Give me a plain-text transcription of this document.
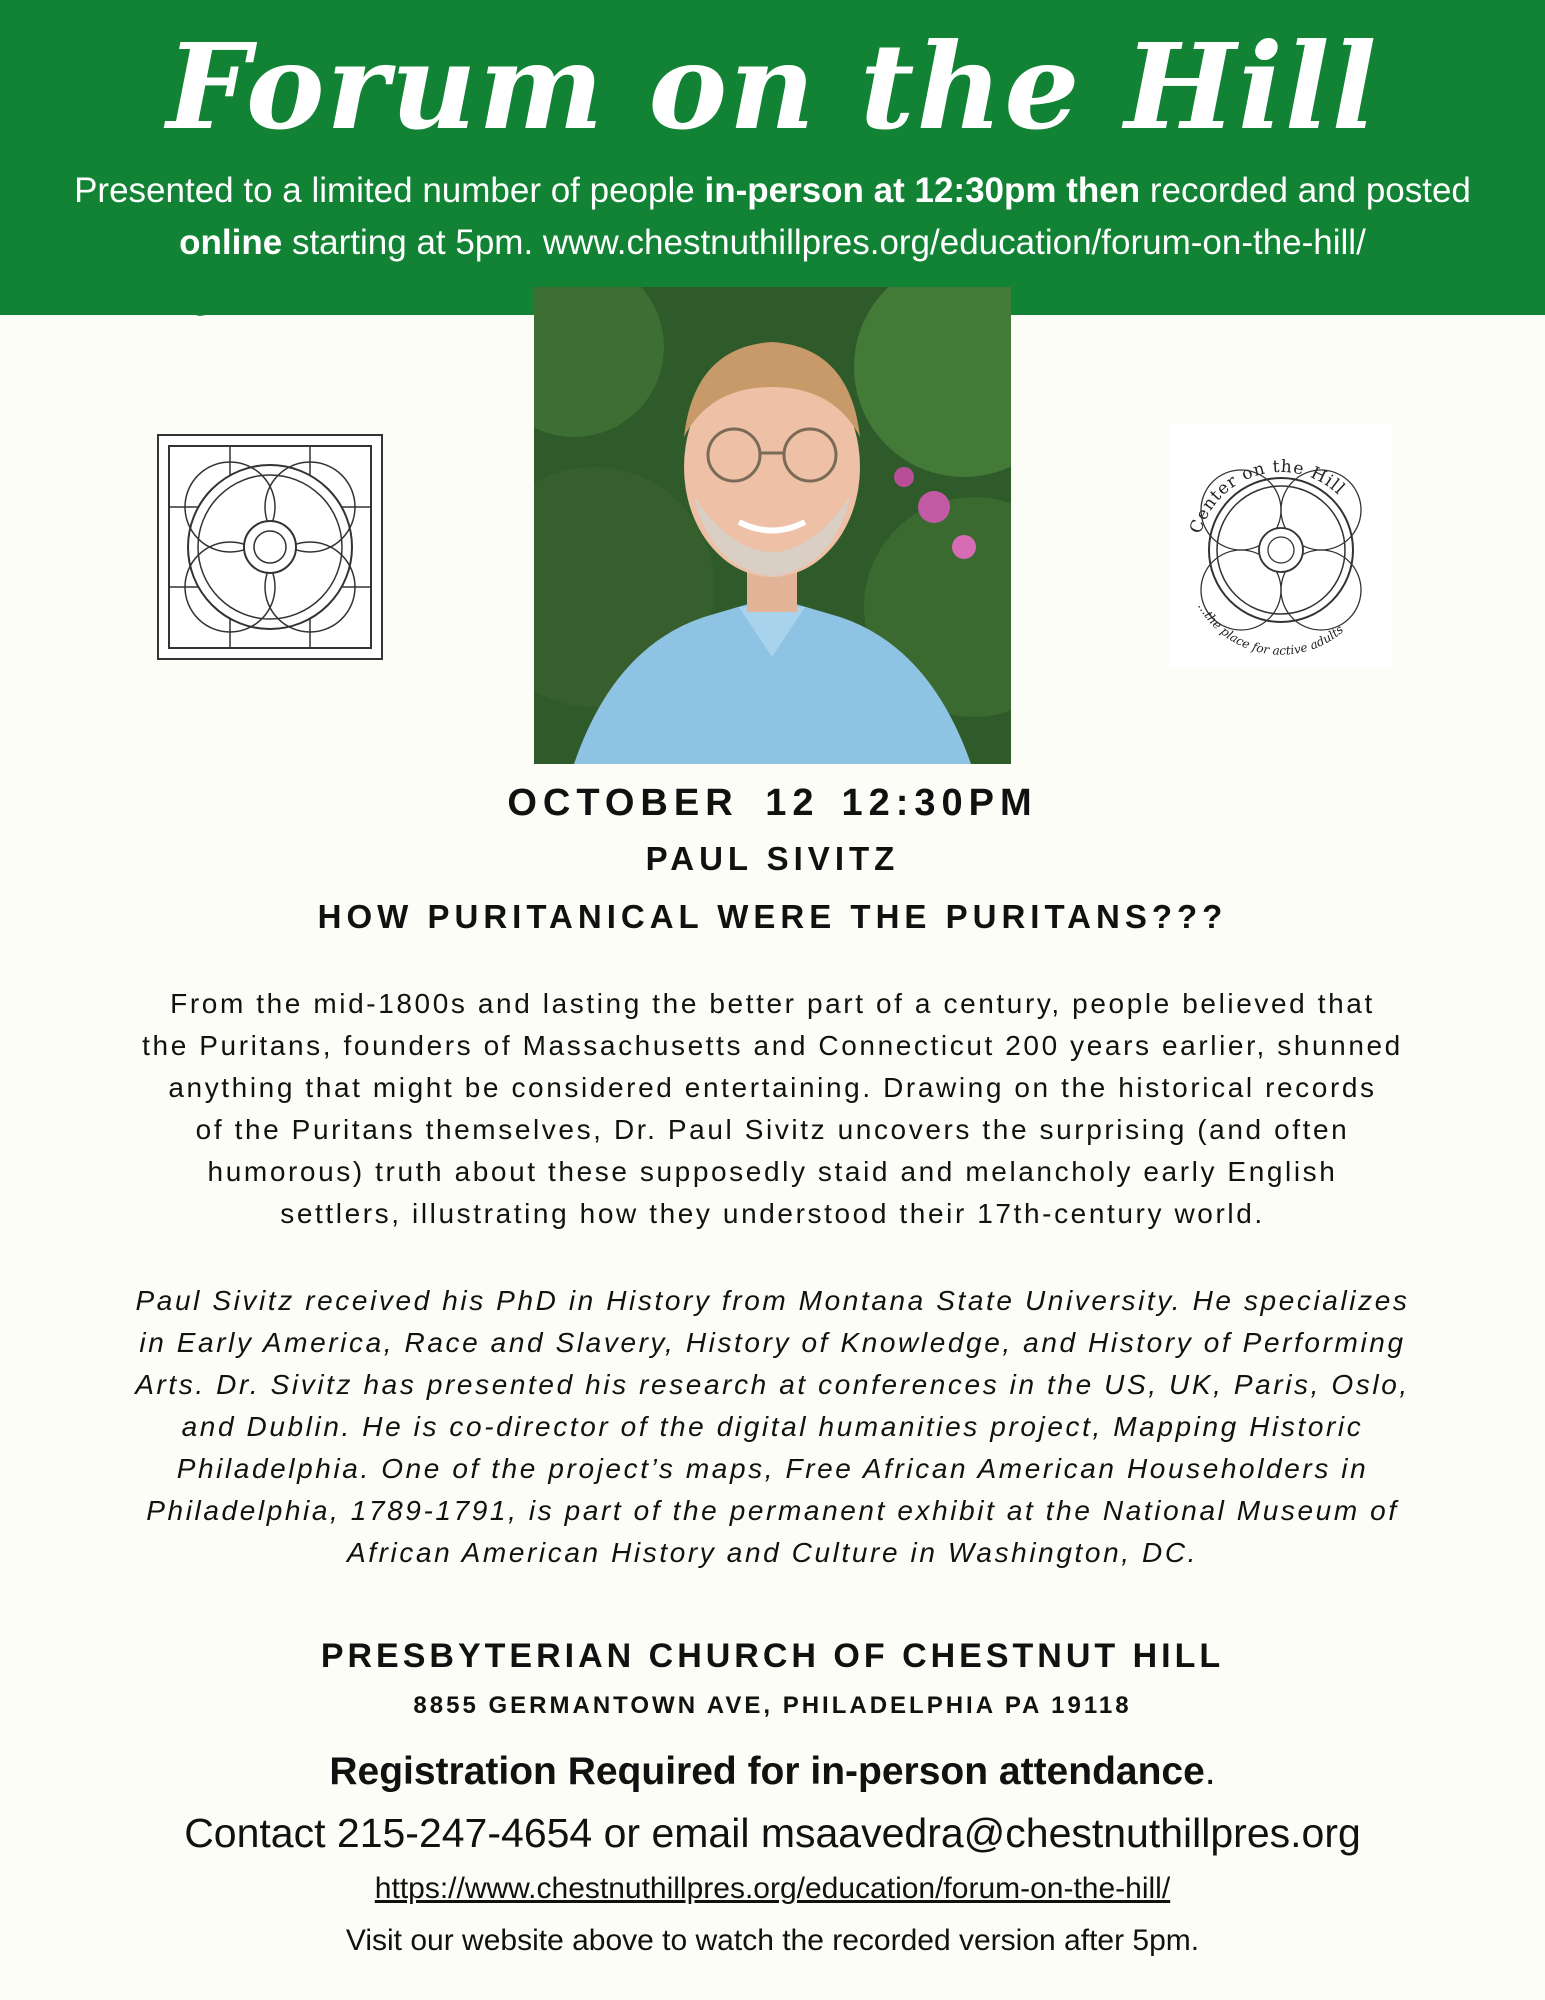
Forum on the Hill
Presented to a limited number of people in-person at 12:30pm then recorded and posted
online starting at 5pm. www.chestnuthillpres.org/education/forum-on-the-hill/
Center on the Hill
...the place for active adults
OCTOBER 12 12:30PM
PAUL SIVITZ
HOW PURITANICAL WERE THE PURITANS???
From the mid-1800s and lasting the better part of a century, people believed that
the Puritans, founders of Massachusetts and Connecticut 200 years earlier, shunned
anything that might be considered entertaining. Drawing on the historical records
of the Puritans themselves, Dr. Paul Sivitz uncovers the surprising (and often
humorous) truth about these supposedly staid and melancholy early English
settlers, illustrating how they understood their 17th-century world.
Paul Sivitz received his PhD in History from Montana State University. He specializes
in Early America, Race and Slavery, History of Knowledge, and History of Performing
Arts. Dr. Sivitz has presented his research at conferences in the US, UK, Paris, Oslo,
and Dublin. He is co-director of the digital humanities project, Mapping Historic
Philadelphia. One of the project’s maps, Free African American Householders in
Philadelphia, 1789-1791, is part of the permanent exhibit at the National Museum of
African American History and Culture in Washington, DC.
PRESBYTERIAN CHURCH OF CHESTNUT HILL
8855 GERMANTOWN AVE, PHILADELPHIA PA 19118
Registration Required for in-person attendance.
Contact 215-247-4654 or email msaavedra@chestnuthillpres.org
https://www.chestnuthillpres.org/education/forum-on-the-hill/
Visit our website above to watch the recorded version after 5pm.
